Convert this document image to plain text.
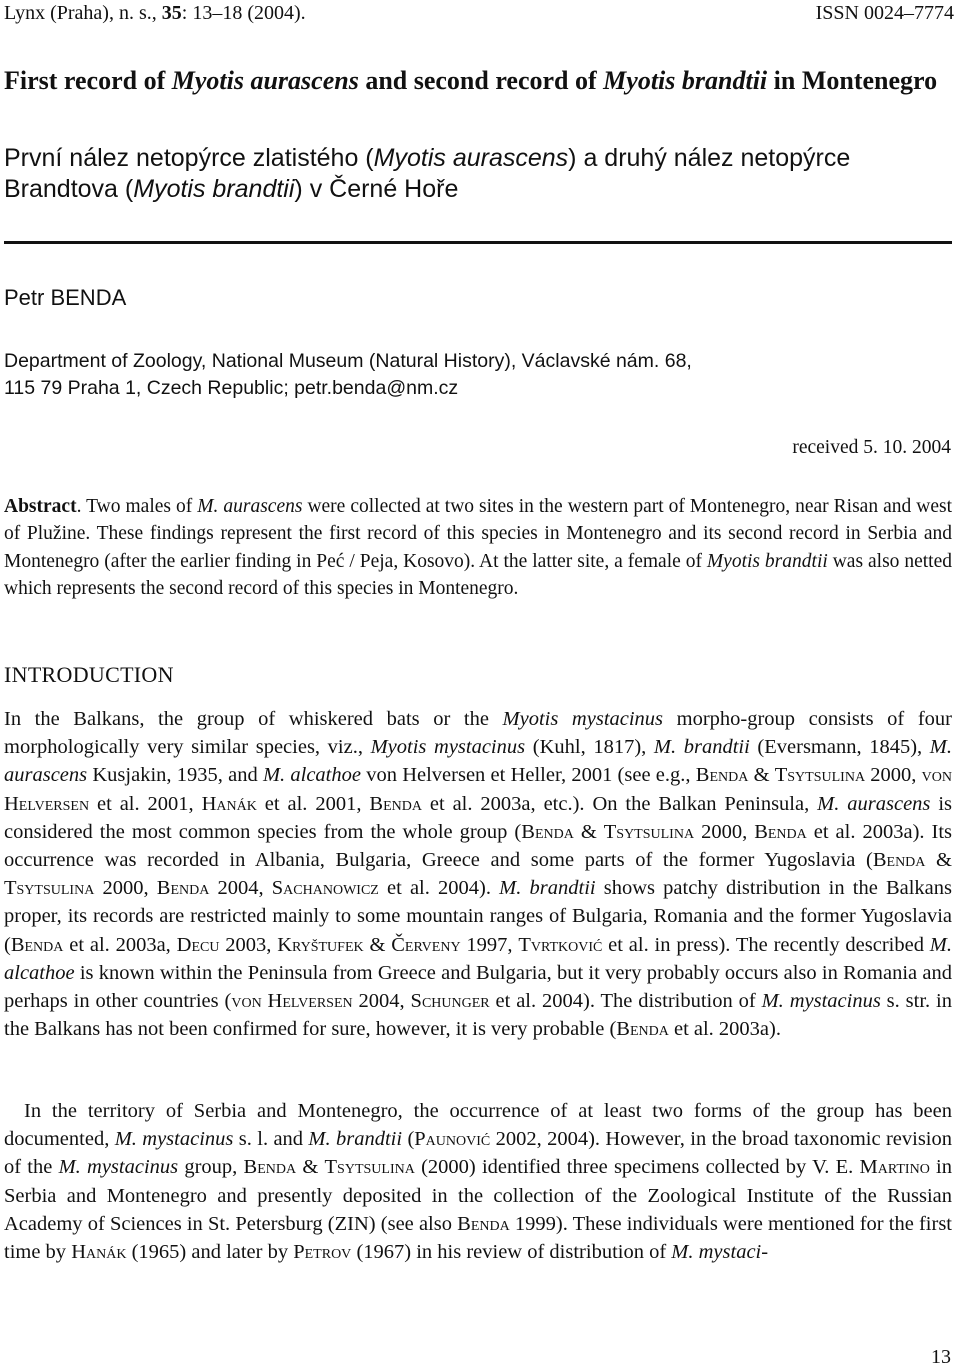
Lynx (Praha), n. s., 35: 13–18 (2004).	ISSN 0024–7774
First record of Myotis aurascens and second record of Myotis brandtii in Montenegro
První nález netopýrce zlatistého (Myotis aurascens) a druhý nález netopýrce Brandtova (Myotis brandtii) v Černé Hoře
Petr BENDA
Department of Zoology, National Museum (Natural History), Václavské nám. 68,
115 79 Praha 1, Czech Republic; petr.benda@nm.cz
received 5. 10. 2004
Abstract. Two males of M. aurascens were collected at two sites in the western part of Montenegro, near Risan and west of Plužine. These findings represent the first record of this species in Montenegro and its second record in Serbia and Montenegro (after the earlier finding in Peć / Peja, Kosovo). At the latter site, a female of Myotis brandtii was also netted which represents the second record of this species in Montenegro.
INTRODUCTION

In the Balkans, the group of whiskered bats or the Myotis mystacinus morpho-group consists of four morphologically very similar species, viz., Myotis mystacinus (Kuhl, 1817), M. brandtii (Eversmann, 1845), M. aurascens Kusjakin, 1935, and M. alcathoe von Helversen et Heller, 2001 (see e.g., Benda & Tsytsulina 2000, von Helversen et al. 2001, Hanák et al. 2001, Benda et al. 2003a, etc.). On the Balkan Peninsula, M. aurascens is considered the most common species from the whole group (Benda & Tsytsulina 2000, Benda et al. 2003a). Its occurrence was recorded in Albania, Bulgaria, Greece and some parts of the former Yugoslavia (Benda & Tsytsulina 2000, Benda 2004, Sachanowicz et al. 2004). M. brandtii shows patchy distribution in the Balkans proper, its records are restricted mainly to some mountain ranges of Bulgaria, Romania and the former Yugoslavia (Benda et al. 2003a, Decu 2003, Kryštufek & Červeny 1997, Tvrtković et al. in press). The recently described M. alcathoe is known within the Peninsula from Greece and Bulgaria, but it very probably occurs also in Romania and perhaps in other countries (von Helversen 2004, Schunger et al. 2004). The distribution of M. mystacinus s. str. in the Balkans has not been confirmed for sure, however, it is very probable (Benda et al. 2003a).

In the territory of Serbia and Montenegro, the occurrence of at least two forms of the group has been documented, M. mystacinus s. l. and M. brandtii (Paunović 2002, 2004). However, in the broad taxonomic revision of the M. mystacinus group, Benda & Tsytsulina (2000) identified three specimens collected by V. E. Martino in Serbia and Montenegro and presently deposited in the collection of the Zoological Institute of the Russian Academy of Sciences in St. Petersburg (ZIN) (see also Benda 1999). These individuals were mentioned for the first time by Hanák (1965) and later by Petrov (1967) in his review of distribution of M. mystaci-

13
